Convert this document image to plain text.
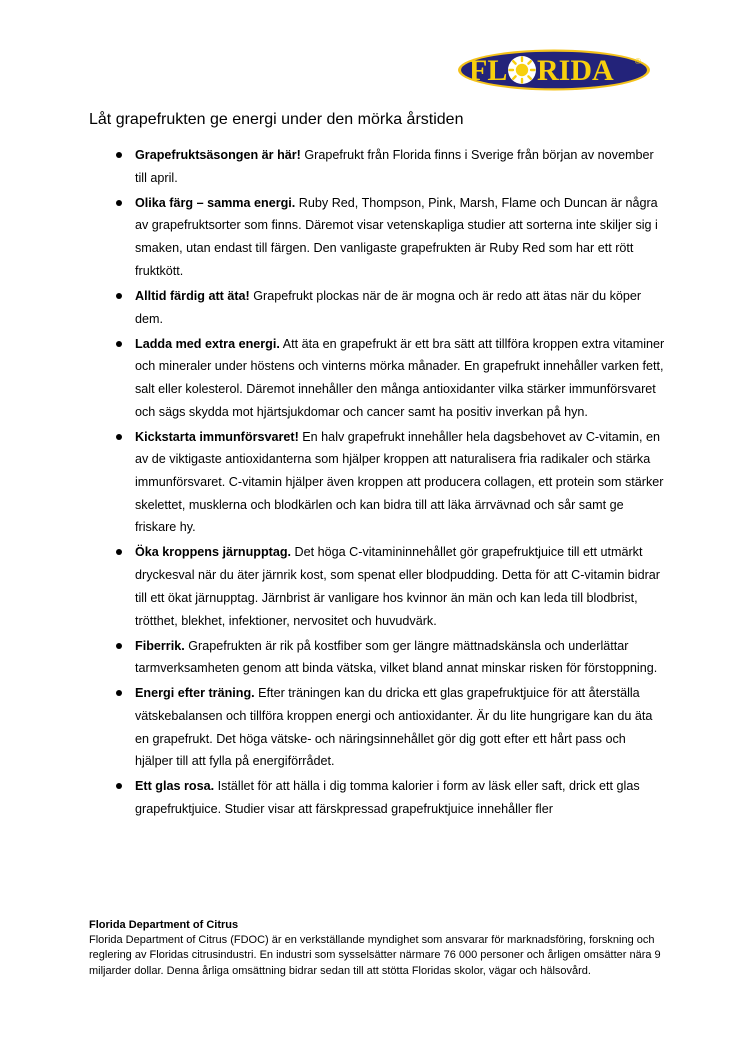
FL RIDA	®
Låt grapefrukten ge energi under den mörka årstiden
Grapefruktsäsongen är här! Grapefrukt från Florida finns i Sverige från början av november till april.
Olika färg – samma energi. Ruby Red, Thompson, Pink, Marsh, Flame och Duncan är några av grapefruktsorter som finns. Däremot visar vetenskapliga studier att sorterna inte skiljer sig i smaken, utan endast till färgen. Den vanligaste grapefrukten är Ruby Red som har ett rött fruktkött.
Alltid färdig att äta! Grapefrukt plockas när de är mogna och är redo att ätas när du köper dem.
Ladda med extra energi. Att äta en grapefrukt är ett bra sätt att tillföra kroppen extra vitaminer och mineraler under höstens och vinterns mörka månader. En grapefrukt innehåller varken fett, salt eller kolesterol. Däremot innehåller den många antioxidanter vilka stärker immunförsvaret och sägs skydda mot hjärtsjukdomar och cancer samt ha positiv inverkan på hyn.
Kickstarta immunförsvaret! En halv grapefrukt innehåller hela dagsbehovet av C-vitamin, en av de viktigaste antioxidanterna som hjälper kroppen att naturalisera fria radikaler och stärka immunförsvaret. C-vitamin hjälper även kroppen att producera collagen, ett protein som stärker skelettet, musklerna och blodkärlen och kan bidra till att läka ärrvävnad och sår samt ge friskare hy.
Öka kroppens järnupptag. Det höga C-vitamininnehållet gör grapefruktjuice till ett utmärkt dryckesval när du äter järnrik kost, som spenat eller blodpudding. Detta för att C-vitamin bidrar till ett ökat järnupptag. Järnbrist är vanligare hos kvinnor än män och kan leda till blodbrist, trötthet, blekhet, infektioner, nervositet och huvudvärk.
Fiberrik. Grapefrukten är rik på kostfiber som ger längre mättnadskänsla och underlättar tarmverksamheten genom att binda vätska, vilket bland annat minskar risken för förstoppning.
Energi efter träning. Efter träningen kan du dricka ett glas grapefruktjuice för att återställa vätskebalansen och tillföra kroppen energi och antioxidanter. Är du lite hungrigare kan du äta en grapefrukt. Det höga vätske- och näringsinnehållet gör dig gott efter ett hårt pass och hjälper till att fylla på energiförrådet.
Ett glas rosa. Istället för att hälla i dig tomma kalorier i form av läsk eller saft, drick ett glas grapefruktjuice. Studier visar att färskpressad grapefruktjuice innehåller fler
Florida Department of Citrus
Florida Department of Citrus (FDOC) är en verkställande myndighet som ansvarar för marknadsföring, forskning och reglering av Floridas citrusindustri. En industri som sysselsätter närmare 76 000 personer och årligen omsätter nära 9 miljarder dollar. Denna årliga omsättning bidrar sedan till att stötta Floridas skolor, vägar och hälsovård.
